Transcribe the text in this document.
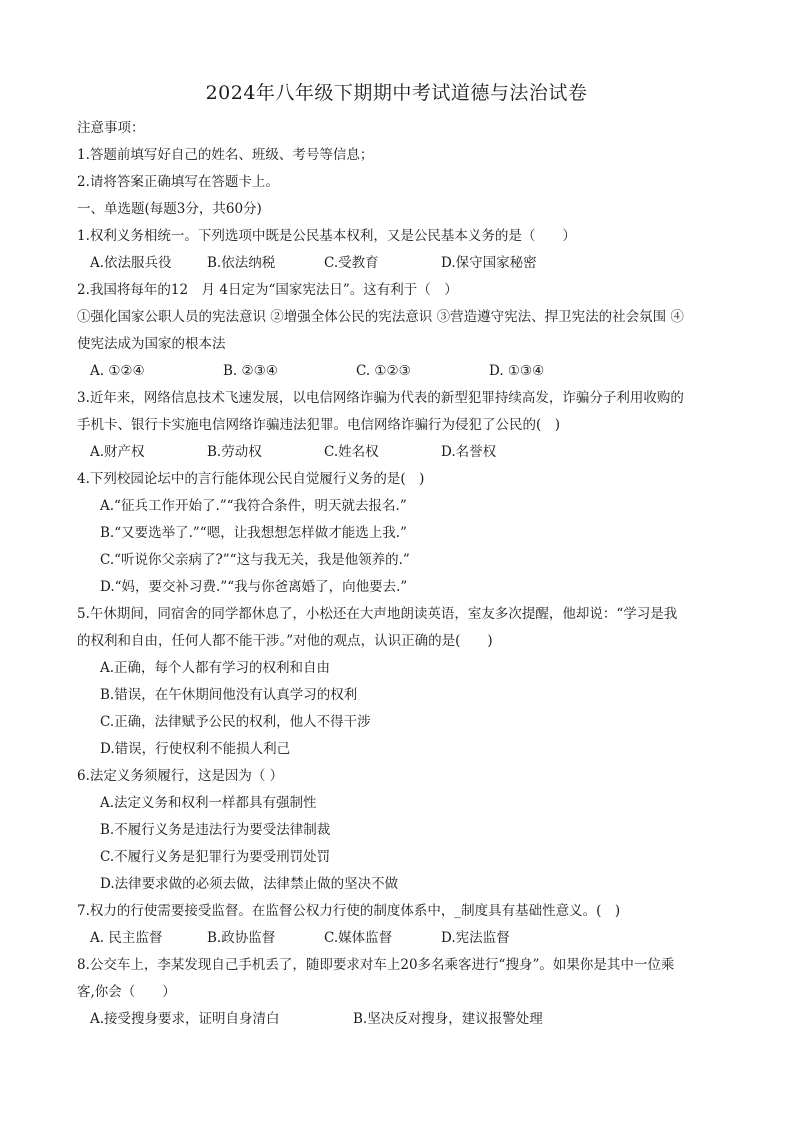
2024年八年级下期期中考试道德与法治试卷
注意事项：
1.答题前填写好自己的姓名、班级、考号等信息；
2.请将答案正确填写在答题卡上。
一、单选题(每题3分，共60分)
1.权利义务相统一。下列选项中既是公民基本权利，又是公民基本义务的是（　　）
A.依法服兵役	B.依法纳税	C.受教育	D.保守国家秘密
2.我国将每年的12　月 4日定为“国家宪法日”。这有利于（　）
①强化国家公职人员的宪法意识 ②增强全体公民的宪法意识 ③营造遵守宪法、捍卫宪法的社会氛围 ④
使宪法成为国家的根本法
A. ①②④	B. ②③④	C. ①②③	D. ①③④
3.近年来，网络信息技术飞速发展，以电信网络诈骗为代表的新型犯罪持续高发，诈骗分子利用收购的
手机卡、银行卡实施电信网络诈骗违法犯罪。电信网络诈骗行为侵犯了公民的(　)
A.财产权	B.劳动权	C.姓名权	D.名誉权
4.下列校园论坛中的言行能体现公民自觉履行义务的是(　)
A.“征兵工作开始了.”“我符合条件，明天就去报名.”
B.“又要选举了.”“嗯，让我想想怎样做才能选上我.”
C.“听说你父亲病了?”“这与我无关，我是他领养的.”
D.“妈，要交补习费.”“我与你爸离婚了，向他要去.”
5.午休期间，同宿舍的同学都休息了，小松还在大声地朗读英语，室友多次提醒，他却说：“学习是我
的权利和自由，任何人都不能干涉。”对他的观点，认识正确的是(　　)
A.正确，每个人都有学习的权利和自由
B.错误，在午休期间他没有认真学习的权利
C.正确，法律赋予公民的权利，他人不得干涉
D.错误，行使权利不能损人利己
6.法定义务须履行，这是因为（ ）
A.法定义务和权利一样都具有强制性
B.不履行义务是违法行为要受法律制裁
C.不履行义务是犯罪行为要受刑罚处罚
D.法律要求做的必须去做，法律禁止做的坚决不做
7.权力的行使需要接受监督。在监督公权力行使的制度体系中，_制度具有基础性意义。(　)
A. 民主监督	B.政协监督	C.媒体监督	D.宪法监督
8.公交车上，李某发现自己手机丢了，随即要求对车上20多名乘客进行“搜身”。如果你是其中一位乘
客,你会（　　）
A.接受搜身要求，证明自身清白	B.坚决反对搜身，建议报警处理
